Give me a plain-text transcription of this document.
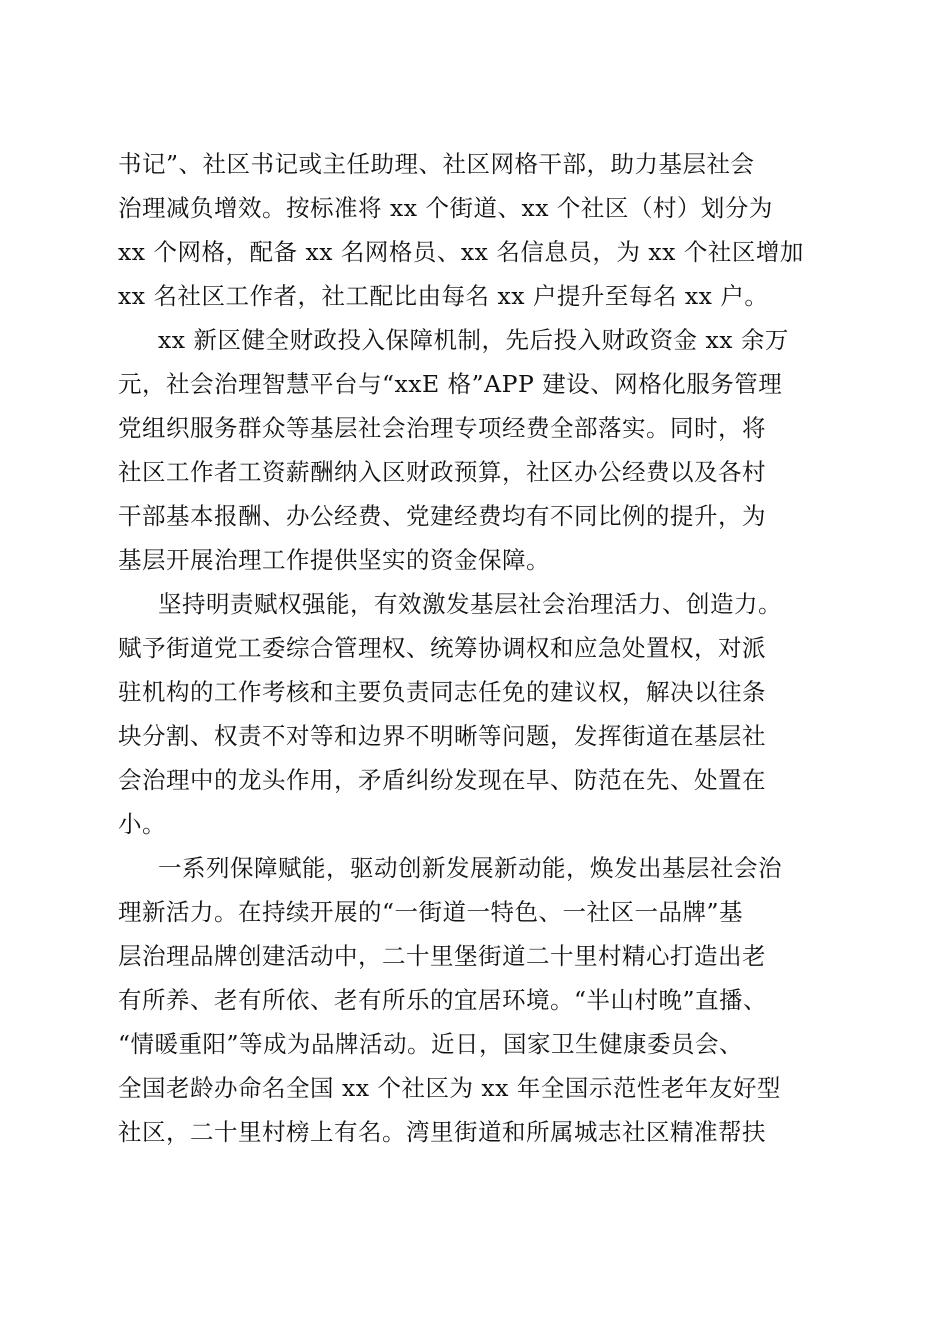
书记”、社区书记或主任助理、社区网格干部，助力基层社会
治理减负增效。按标准将 xx 个街道、xx 个社区（村）划分为
xx 个网格，配备 xx 名网格员、xx 名信息员，为 xx 个社区增加
xx 名社区工作者，社工配比由每名 xx 户提升至每名 xx 户。
xx 新区健全财政投入保障机制，先后投入财政资金 xx 余万
元，社会治理智慧平台与“xxE 格”APP 建设、网格化服务管理
党组织服务群众等基层社会治理专项经费全部落实。同时，将
社区工作者工资薪酬纳入区财政预算，社区办公经费以及各村
干部基本报酬、办公经费、党建经费均有不同比例的提升，为
基层开展治理工作提供坚实的资金保障。
坚持明责赋权强能，有效激发基层社会治理活力、创造力。
赋予街道党工委综合管理权、统筹协调权和应急处置权，对派
驻机构的工作考核和主要负责同志任免的建议权，解决以往条
块分割、权责不对等和边界不明晰等问题，发挥街道在基层社
会治理中的龙头作用，矛盾纠纷发现在早、防范在先、处置在
小。
一系列保障赋能，驱动创新发展新动能，焕发出基层社会治
理新活力。在持续开展的“一街道一特色、一社区一品牌”基
层治理品牌创建活动中，二十里堡街道二十里村精心打造出老
有所养、老有所依、老有所乐的宜居环境。“半山村晚”直播、
“情暖重阳”等成为品牌活动。近日，国家卫生健康委员会、
全国老龄办命名全国 xx 个社区为 xx 年全国示范性老年友好型
社区，二十里村榜上有名。湾里街道和所属城志社区精准帮扶
